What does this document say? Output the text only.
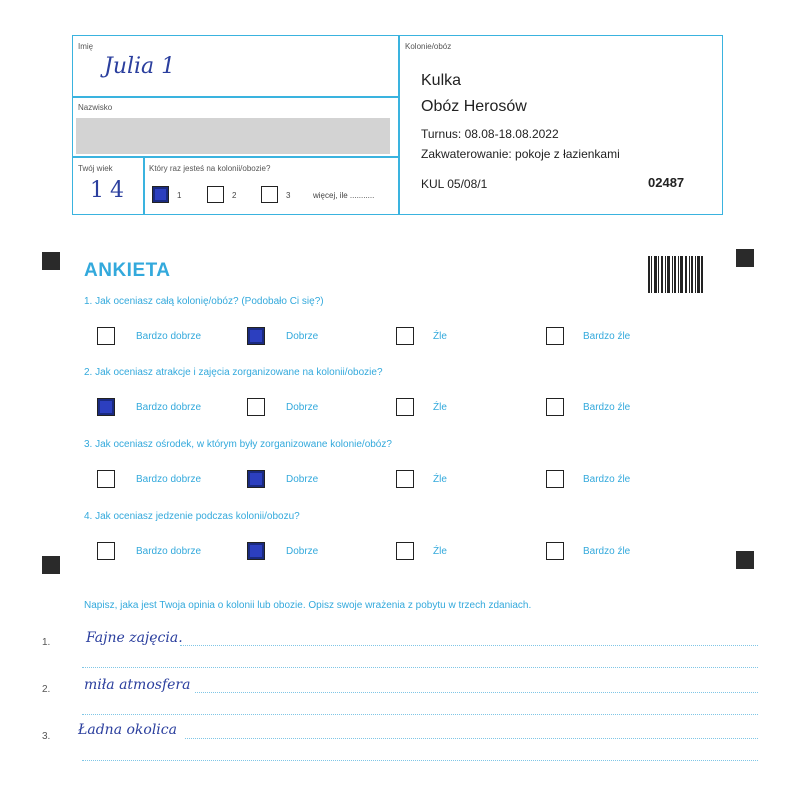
Imię
Julia 1
Nazwisko
Twój wiek
14
Który raz jesteś na kolonii/obozie?
1	2	3	więcej, ile ...........
Kolonie/obóz
Kulka
Obóz Herosów
Turnus: 08.08-18.08.2022
Zakwaterowanie: pokoje z łazienkami
KUL 05/08/1	02487
ANKIETA
1. Jak oceniasz całą kolonię/obóz? (Podobało Ci się?)
Bardzo dobrze	Dobrze	Źle	Bardzo źle
2. Jak oceniasz atrakcje i zajęcia zorganizowane na kolonii/obozie?
Bardzo dobrze	Dobrze	Źle	Bardzo źle
3. Jak oceniasz ośrodek, w którym były zorganizowane kolonie/obóz?
Bardzo dobrze	Dobrze	Źle	Bardzo źle
4. Jak oceniasz jedzenie podczas kolonii/obozu?
Bardzo dobrze	Dobrze	Źle	Bardzo źle
Napisz, jaka jest Twoja opinia o kolonii lub obozie. Opisz swoje wrażenia z pobytu w trzech zdaniach.
1.
2.
3.
Fajne zajęcia.
miła atmosfera
Ładna okolica
